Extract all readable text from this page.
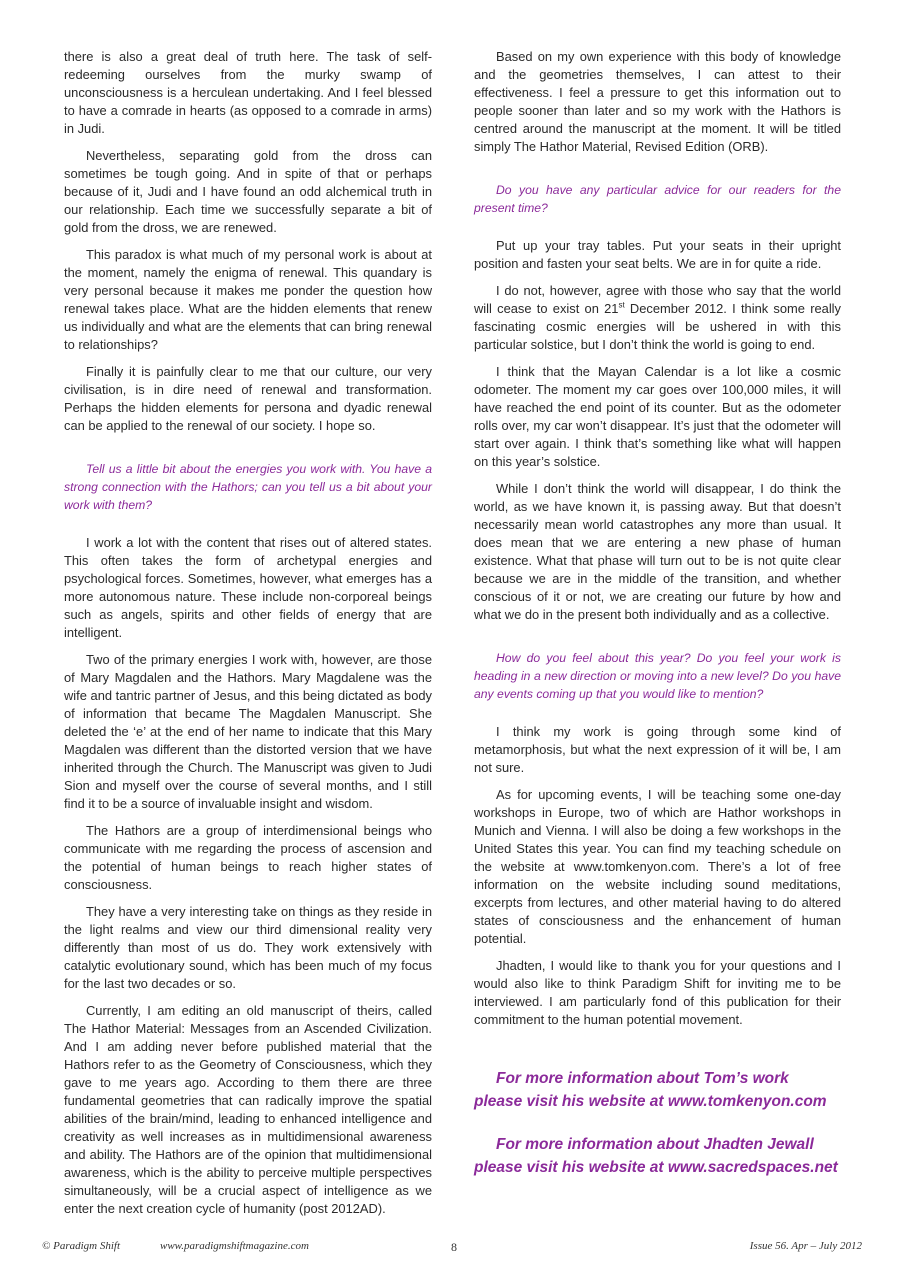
there is also a great deal of truth here. The task of self-redeeming ourselves from the murky swamp of unconsciousness is a herculean undertaking. And I feel blessed to have a comrade in hearts (as opposed to a comrade in arms) in Judi.

Nevertheless, separating gold from the dross can sometimes be tough going. And in spite of that or perhaps because of it, Judi and I have found an odd alchemical truth in our relationship. Each time we successfully separate a bit of gold from the dross, we are renewed.

This paradox is what much of my personal work is about at the moment, namely the enigma of renewal. This quandary is very personal because it makes me ponder the question how renewal takes place. What are the hidden elements that renew us individually and what are the elements that can bring renewal to relationships?

Finally it is painfully clear to me that our culture, our very civilisation, is in dire need of renewal and transformation. Perhaps the hidden elements for persona and dyadic renewal can be applied to the renewal of our society. I hope so.

Tell us a little bit about the energies you work with. You have a strong connection with the Hathors; can you tell us a bit about your work with them?

I work a lot with the content that rises out of altered states. This often takes the form of archetypal energies and psychological forces. Sometimes, however, what emerges has a more autonomous nature. These include non-corporeal beings such as angels, spirits and other fields of energy that are intelligent.

Two of the primary energies I work with, however, are those of Mary Magdalen and the Hathors. Mary Magdalene was the wife and tantric partner of Jesus, and this being dictated as body of information that became The Magdalen Manuscript. She deleted the ‘e’ at the end of her name to indicate that this Mary Magdalen was different than the distorted version that we have inherited through the Church. The Manuscript was given to Judi Sion and myself over the course of several months, and I still find it to be a source of invaluable insight and wisdom.

The Hathors are a group of interdimensional beings who communicate with me regarding the process of ascension and the potential of human beings to reach higher states of consciousness.

They have a very interesting take on things as they reside in the light realms and view our third dimensional reality very differently than most of us do. They work extensively with catalytic evolutionary sound, which has been much of my focus for the last two decades or so.

Currently, I am editing an old manuscript of theirs, called The Hathor Material: Messages from an Ascended Civilization. And I am adding never before published material that the Hathors refer to as the Geometry of Consciousness, which they gave to me years ago. According to them there are three fundamental geometries that can radically improve the spatial abilities of the brain/mind, leading to enhanced intelligence and creativity as well increases as in multidimensional awareness and ability. The Hathors are of the opinion that multidimensional awareness, which is the ability to perceive multiple perspectives simultaneously, will be a crucial aspect of intelligence as we enter the next creation cycle of humanity (post 2012AD).

Based on my own experience with this body of knowledge and the geometries themselves, I can attest to their effectiveness. I feel a pressure to get this information out to people sooner than later and so my work with the Hathors is centred around the manuscript at the moment. It will be titled simply The Hathor Material, Revised Edition (ORB).

Do you have any particular advice for our readers for the present time?

Put up your tray tables. Put your seats in their upright position and fasten your seat belts. We are in for quite a ride.

I do not, however, agree with those who say that the world will cease to exist on 21st December 2012. I think some really fascinating cosmic energies will be ushered in with this particular solstice, but I don’t think the world is going to end.

I think that the Mayan Calendar is a lot like a cosmic odometer. The moment my car goes over 100,000 miles, it will have reached the end point of its counter. But as the odometer rolls over, my car won’t disappear. It’s just that the odometer will start over again. I think that’s something like what will happen on this year’s solstice.

While I don’t think the world will disappear, I do think the world, as we have known it, is passing away. But that doesn’t necessarily mean world catastrophes any more than usual. It does mean that we are entering a new phase of human existence. What that phase will turn out to be is not quite clear because we are in the middle of the transition, and whether conscious of it or not, we are creating our future by how and what we do in the present both individually and as a collective.

How do you feel about this year? Do you feel your work is heading in a new direction or moving into a new level? Do you have any events coming up that you would like to mention?

I think my work is going through some kind of metamorphosis, but what the next expression of it will be, I am not sure.

As for upcoming events, I will be teaching some one-day workshops in Europe, two of which are Hathor workshops in Munich and Vienna. I will also be doing a few workshops in the United States this year. You can find my teaching schedule on the website at www.tomkenyon.com. There’s a lot of free information on the website including sound meditations, excerpts from lectures, and other material having to do altered states of consciousness and the enhancement of human potential.

Jhadten, I would like to thank you for your questions and I would also like to think Paradigm Shift for inviting me to be interviewed. I am particularly fond of this publication for their commitment to the human potential movement.

For more information about Tom’s work please visit his website at www.tomkenyon.com

For more information about Jhadten Jewall please visit his website at www.sacredspaces.net

© Paradigm Shift	www.paradigmshiftmagazine.com	8	Issue 56. Apr – July 2012
